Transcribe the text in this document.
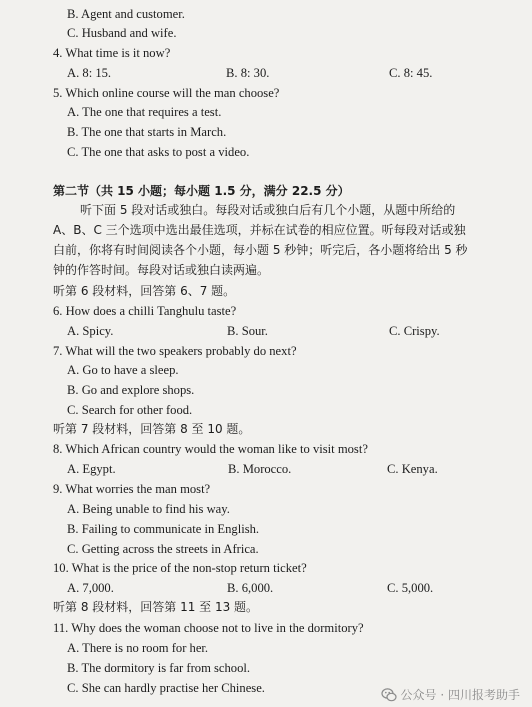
B. Agent and customer.
C. Husband and wife.
4. What time is it now?
A. 8: 15.	B. 8: 30.	C. 8: 45.
5. Which online course will the man choose?
A. The one that requires a test.
B. The one that starts in March.
C. The one that asks to post a video.
第二节（共 15 小题；每小题 1.5 分，满分 22.5 分）
听下面 5 段对话或独白。每段对话或独白后有几个小题，从题中所给的
A、B、C 三个选项中选出最佳选项，并标在试卷的相应位置。听每段对话或独
白前，你将有时间阅读各个小题，每小题 5 秒钟；听完后，各小题将给出 5 秒
钟的作答时间。每段对话或独白读两遍。
听第 6 段材料，回答第 6、7 题。
6. How does a chilli Tanghulu taste?
A. Spicy.	B. Sour.	C. Crispy.
7. What will the two speakers probably do next?
A. Go to have a sleep.
B. Go and explore shops.
C. Search for other food.
听第 7 段材料，回答第 8 至 10 题。
8. Which African country would the woman like to visit most?
A. Egypt.	B. Morocco.	C. Kenya.
9. What worries the man most?
A. Being unable to find his way.
B. Failing to communicate in English.
C. Getting across the streets in Africa.
10. What is the price of the non-stop return ticket?
A. 7,000.	B. 6,000.	C. 5,000.
听第 8 段材料，回答第 11 至 13 题。
11. Why does the woman choose not to live in the dormitory?
A. There is no room for her.
B. The dormitory is far from school.
C. She can hardly practise her Chinese.	公众号 · 四川报考助手
